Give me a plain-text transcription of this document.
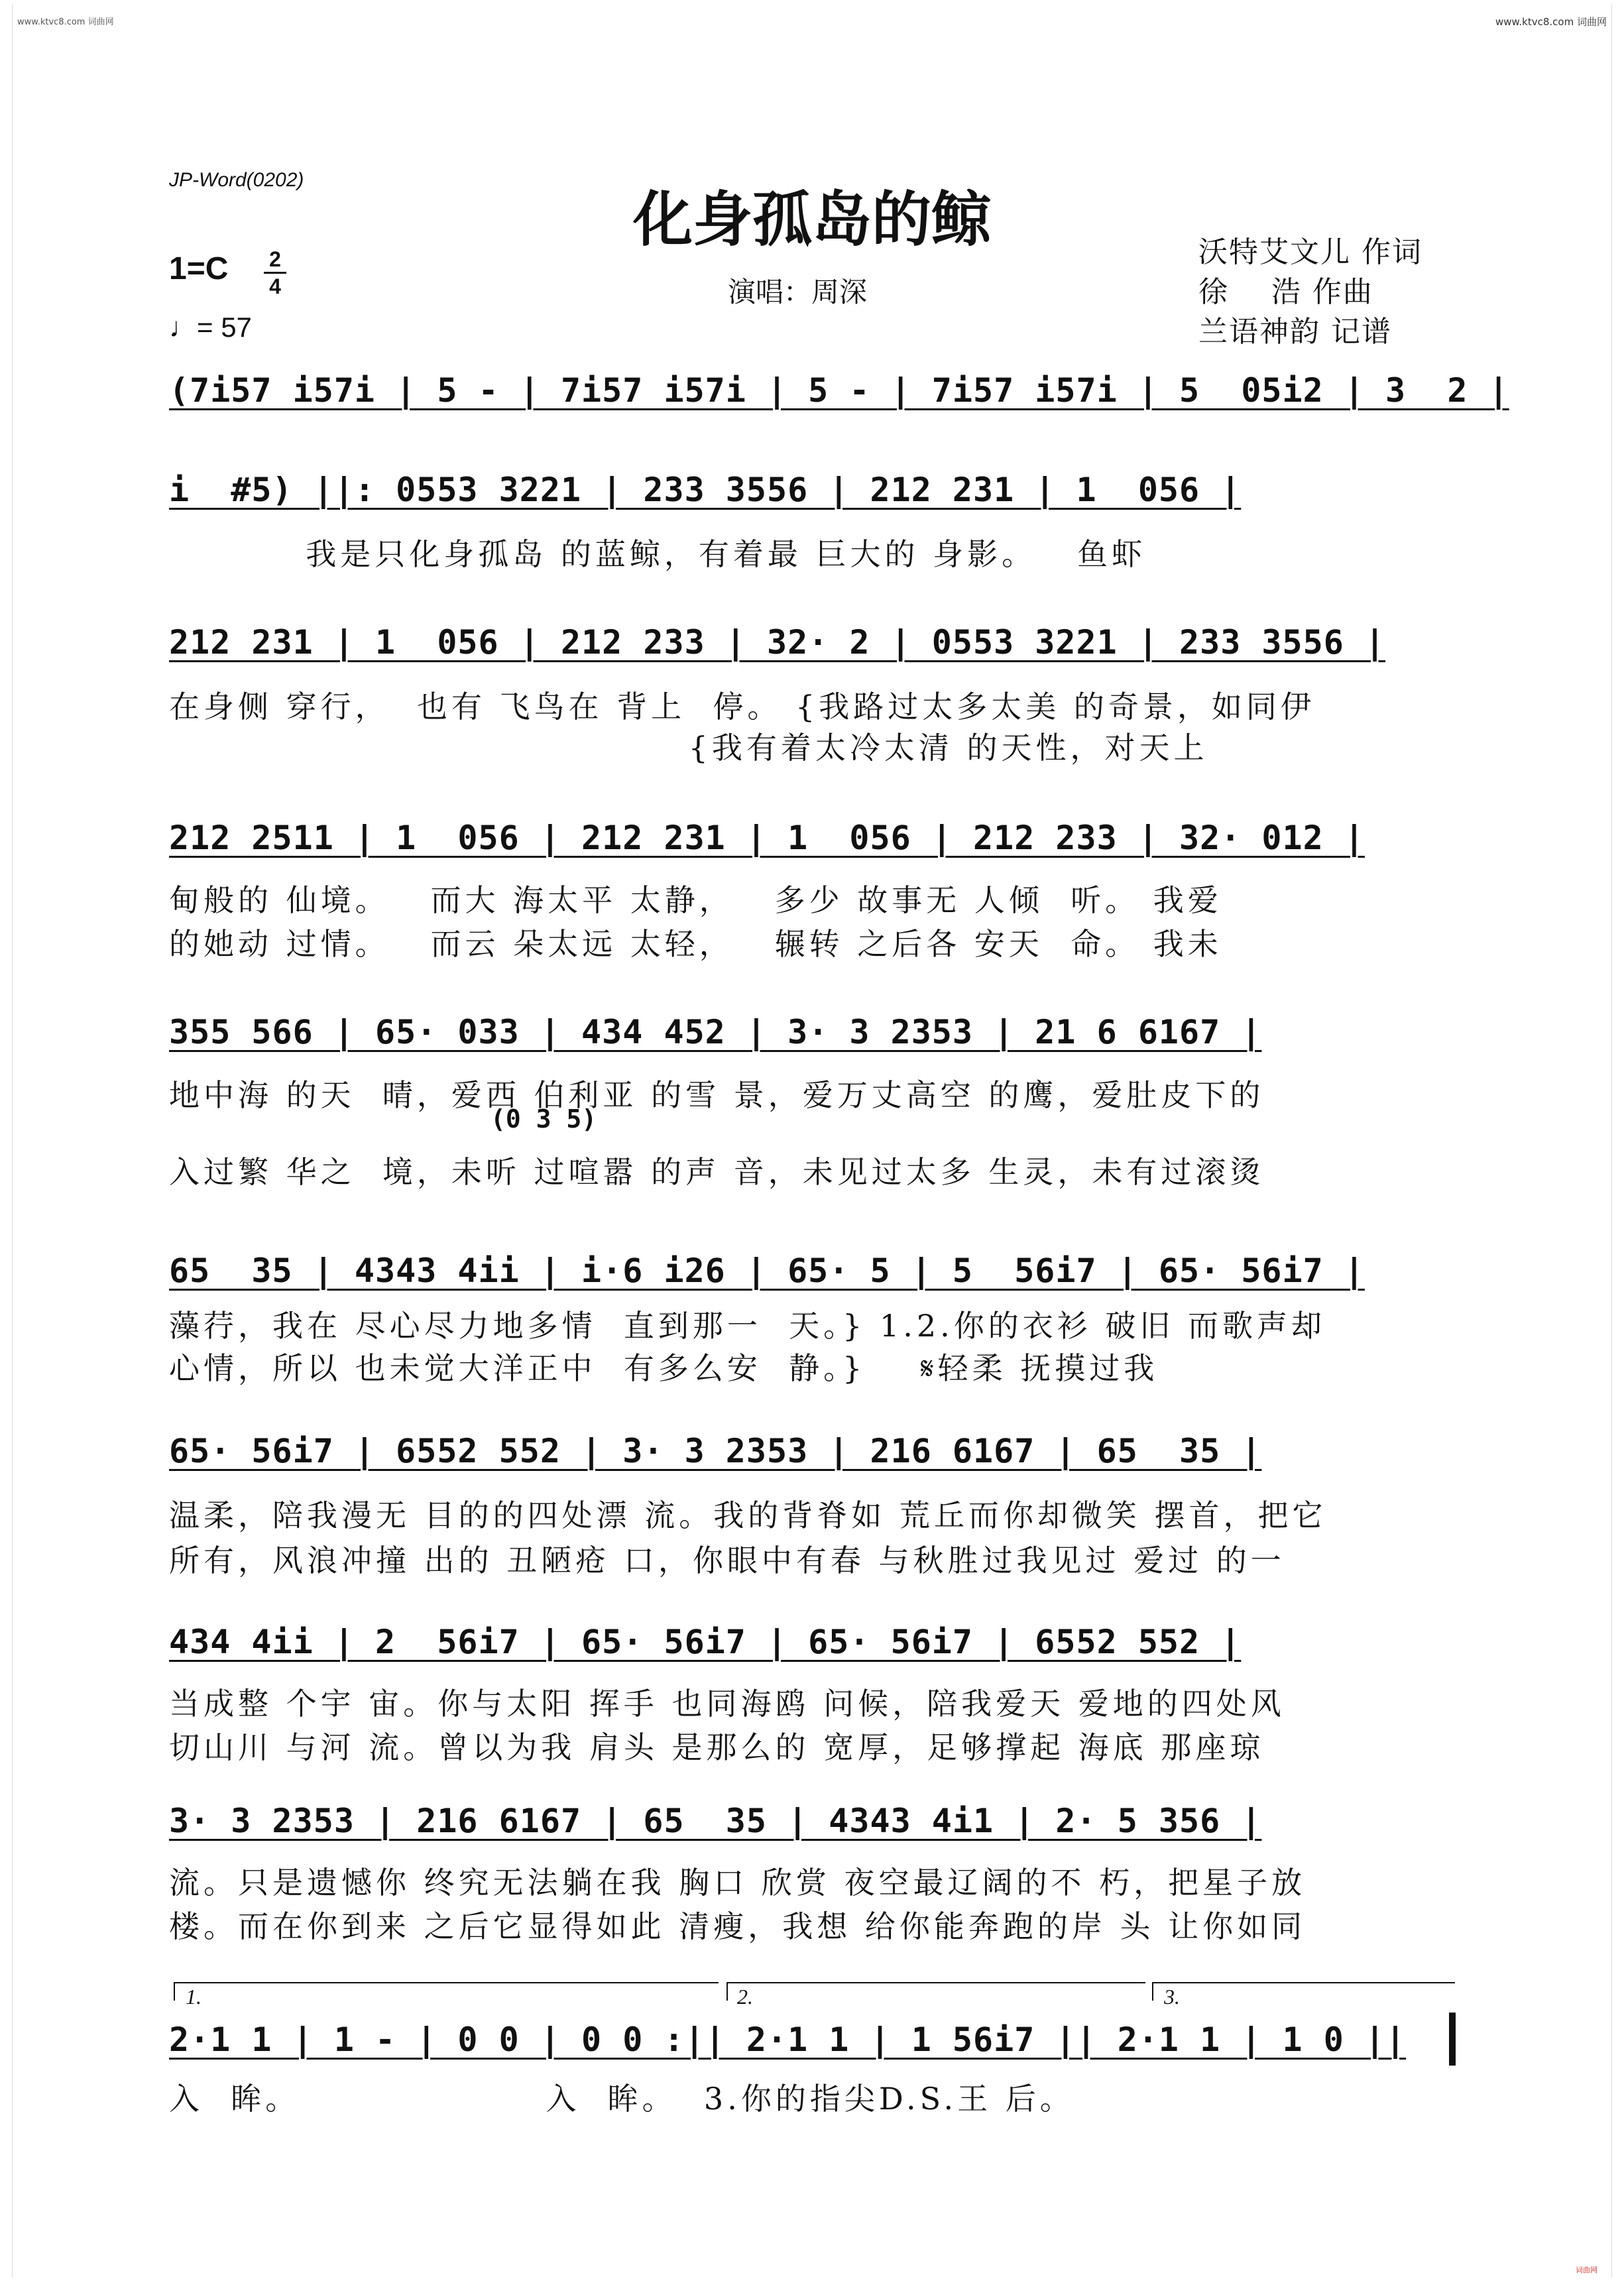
www.ktvc8.com 词曲网	www.ktvc8.com 词曲网
JP-Word(0202)
化身孤岛的鲸
演唱：周深
沃特艾文儿 作词
徐    浩 作曲
兰语神韵 记谱
1=C 2
4
♩= 57
(7i57 i57i | 5 - | 7i57 i57i | 5 - | 7i57 i57i | 5  05i2 | 3  2 |
i  #5) ||: 0553 3221 | 233 3556 | 212 231 | 1  056 |
我是只化身孤岛 的蓝鲸，有着最 巨大的 身影。   鱼虾
212 231 | 1  056 | 212 233 | 32· 2 | 0553 3221 | 233 3556 |
在身侧 穿行，  也有 飞鸟在 背上  停。 {我路过太多太美 的奇景，如同伊
{我有着太冷太清 的天性，对天上
212 2511 | 1  056 | 212 231 | 1  056 | 212 233 | 32· 012 |
甸般的 仙境。   而大 海太平 太静，   多少 故事无 人倾  听。 我爱
的她动 过情。   而云 朵太远 太轻，   辗转 之后各 安天  命。 我未
355 566 | 65· 033 | 434 452 | 3· 3 2353 | 21 6 6167 |
地中海 的天  晴，爱西 伯利亚 的雪 景，爱万丈高空 的鹰，爱肚皮下的
(0 3 5)
入过繁 华之  境，未听 过喧嚣 的声 音，未见过太多 生灵，未有过滚烫
65  35 | 4343 4ii | i·6 i26 | 65· 5 | 5  56i7 | 65· 56i7 |
藻荇，我在 尽心尽力地多情  直到那一  天。} 1.2.你的衣衫 破旧 而歌声却
心情，所以 也未觉大洋正中  有多么安  静。}    𝄋轻柔 抚摸过我
65· 56i7 | 6552 552 | 3· 3 2353 | 216 6167 | 65  35 |
温柔，陪我漫无 目的的四处漂 流。我的背脊如 荒丘而你却微笑 摆首，把它
所有，风浪冲撞 出的 丑陋疮 口，你眼中有春 与秋胜过我见过 爱过 的一
434 4ii | 2  56i7 | 65· 56i7 | 65· 56i7 | 6552 552 |
当成整 个宇 宙。你与太阳 挥手 也同海鸥 问候，陪我爱天 爱地的四处风
切山川 与河 流。曾以为我 肩头 是那么的 宽厚，足够撑起 海底 那座琼
3· 3 2353 | 216 6167 | 65  35 | 4343 4i1 | 2· 5 356 |
流。只是遗憾你 终究无法躺在我 胸口 欣赏 夜空最辽阔的不 朽，把星子放
楼。而在你到来 之后它显得如此 清瘦，我想 给你能奔跑的岸 头 让你如同
1.	2.	3.
2·1 1 | 1 - | 0 0 | 0 0 :|| 2·1 1 | 1 56i7 || 2·1 1 | 1 0 ||
入  眸。                  入  眸。  3.你的指尖D.S.王 后。
词曲网
